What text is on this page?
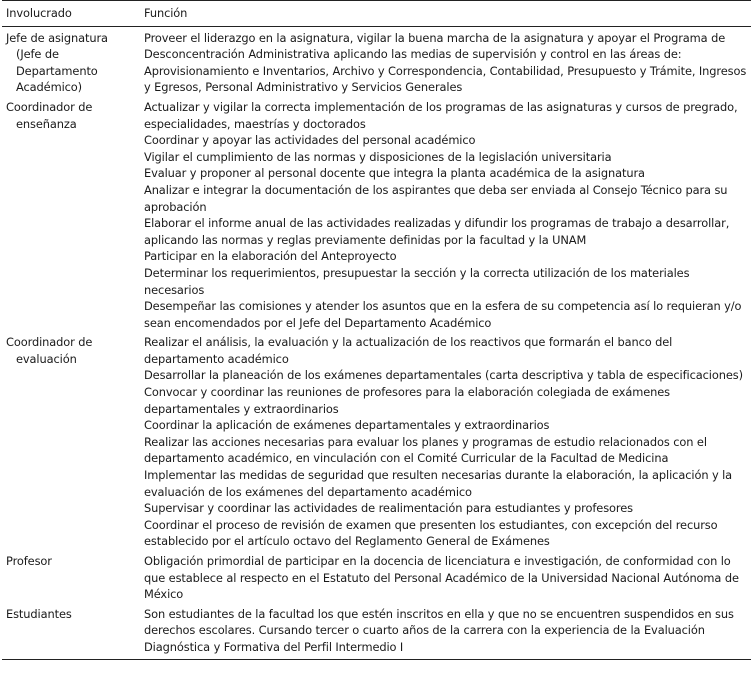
Involucrado	Función

Jefe de asignatura (Jefe de Departamento Académico)	Proveer el liderazgo en la asignatura, vigilar la buena marcha de la asignatura y apoyar el Programa de Desconcentración Administrativa aplicando las medias de supervisión y control en las áreas de: Aprovisionamiento e Inventarios, Archivo y Correspondencia, Contabilidad, Presupuesto y Trámite, Ingresos y Egresos, Personal Administrativo y Servicios Generales

Coordinador de enseñanza	Actualizar y vigilar la correcta implementación de los programas de las asignaturas y cursos de pregrado, especialidades, maestrías y doctorados

	Coordinar y apoyar las actividades del personal académico

	Vigilar el cumplimiento de las normas y disposiciones de la legislación universitaria

	Evaluar y proponer al personal docente que integra la planta académica de la asignatura

	Analizar e integrar la documentación de los aspirantes que deba ser enviada al Consejo Técnico para su aprobación

	Elaborar el informe anual de las actividades realizadas y difundir los programas de trabajo a desarrollar, aplicando las normas y reglas previamente definidas por la facultad y la UNAM

	Participar en la elaboración del Anteproyecto

	Determinar los requerimientos, presupuestar la sección y la correcta utilización de los materiales necesarios

	Desempeñar las comisiones y atender los asuntos que en la esfera de su competencia así lo requieran y/o sean encomendados por el Jefe del Departamento Académico

Coordinador de evaluación	Realizar el análisis, la evaluación y la actualización de los reactivos que formarán el banco del departamento académico

	Desarrollar la planeación de los exámenes departamentales (carta descriptiva y tabla de especificaciones)

	Convocar y coordinar las reuniones de profesores para la elaboración colegiada de exámenes departamentales y extraordinarios

	Coordinar la aplicación de exámenes departamentales y extraordinarios

	Realizar las acciones necesarias para evaluar los planes y programas de estudio relacionados con el departamento académico, en vinculación con el Comité Curricular de la Facultad de Medicina

	Implementar las medidas de seguridad que resulten necesarias durante la elaboración, la aplicación y la evaluación de los exámenes del departamento académico

	Supervisar y coordinar las actividades de realimentación para estudiantes y profesores

	Coordinar el proceso de revisión de examen que presenten los estudiantes, con excepción del recurso establecido por el artículo octavo del Reglamento General de Exámenes

Profesor	Obligación primordial de participar en la docencia de licenciatura e investigación, de conformidad con lo que establece al respecto en el Estatuto del Personal Académico de la Universidad Nacional Autónoma de México

Estudiantes	Son estudiantes de la facultad los que estén inscritos en ella y que no se encuentren suspendidos en sus derechos escolares. Cursando tercer o cuarto años de la carrera con la experiencia de la Evaluación Diagnóstica y Formativa del Perfil Intermedio I
